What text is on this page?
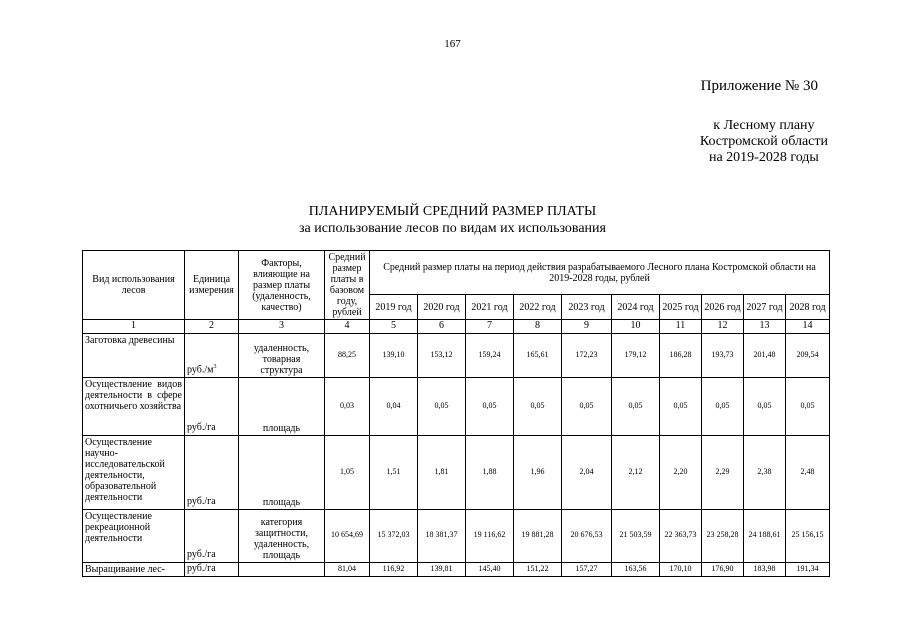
167
Приложение № 30
к Лесному плану
Костромской области
на 2019-2028 годы
ПЛАНИРУЕМЫЙ СРЕДНИЙ РАЗМЕР ПЛАТЫ
за использование лесов по видам их использования
Вид использования лесов	Единица измерения	Факторы, влияющие на размер платы (удаленность, качество)	Средний размер платы в базовом году, рублей	Средний размер платы на период действия разрабатываемого Лесного плана Костромской области на 2019-2028 годы, рублей									
				2019 год	2020 год	2021 год	2022 год	2023 год	2024 год	2025 год	2026 год	2027 год	2028 год
1	2	3	4	5	6	7	8	9	10	11	12	13	14
Заготовка древесины	$руб./м^3$	удаленность, товарная структура	88,25	139,10	153,12	159,24	165,61	172,23	179,12	186,28	193,73	201,48	209,54
Осуществление видов деятельности в сфере охотничьего хозяйства	руб./га	площадь	0,03	0,04	0,05	0,05	0,05	0,05	0,05	0,05	0,05	0,05	0,05
Осуществление научно-исследовательской деятельности, образовательной деятельности	руб./га	площадь	1,05	1,51	1,81	1,88	1,96	2,04	2,12	2,20	2,29	2,38	2,48
Осуществление рекреационной деятельности	руб./га	категория защитности, удаленность, площадь	10 654,69	15 372,03	18 381,37	19 116,62	19 881,28	20 676,53	21 503,59	22 363,73	23 258,28	24 188,61	25 156,15
Выращивание лес-	руб./га		81,04	116,92	139,81	145,40	151,22	157,27	163,56	170,10	176,90	183,98	191,34
